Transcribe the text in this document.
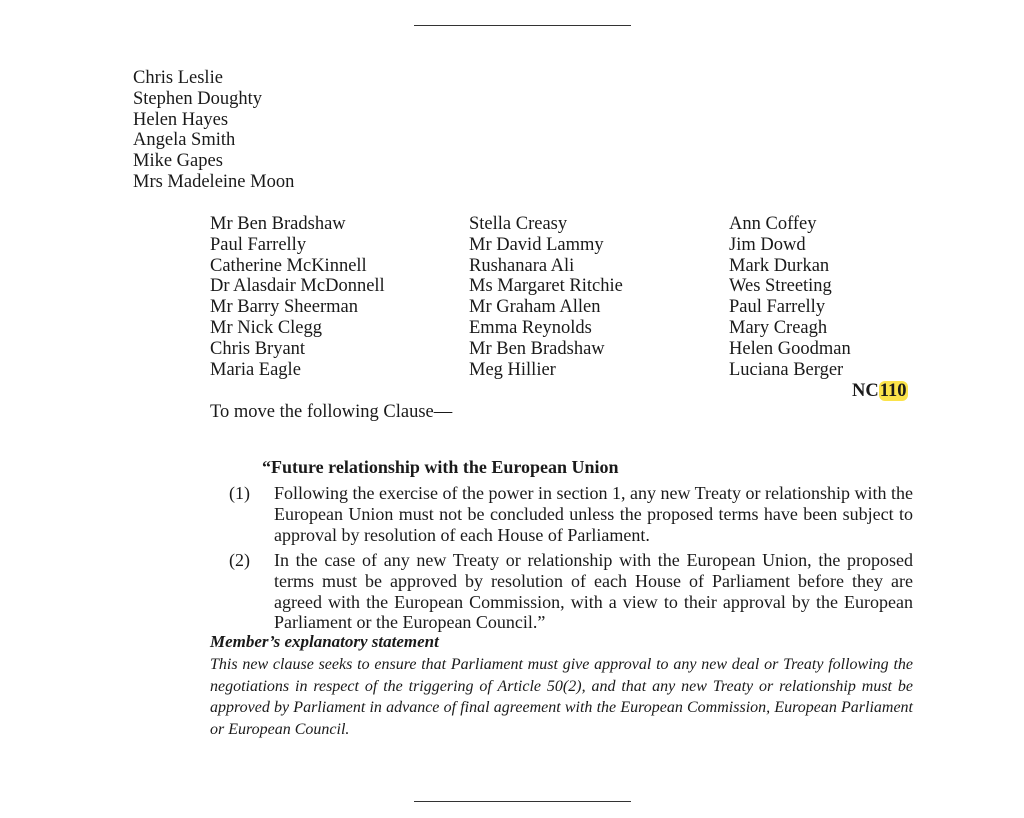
Chris Leslie
Stephen Doughty
Helen Hayes
Angela Smith
Mike Gapes
Mrs Madeleine Moon
Mr Ben Bradshaw
Paul Farrelly
Catherine McKinnell
Dr Alasdair McDonnell
Mr Barry Sheerman
Mr Nick Clegg
Chris Bryant
Maria Eagle
Stella Creasy
Mr David Lammy
Rushanara Ali
Ms Margaret Ritchie
Mr Graham Allen
Emma Reynolds
Mr Ben Bradshaw
Meg Hillier
Ann Coffey
Jim Dowd
Mark Durkan
Wes Streeting
Paul Farrelly
Mary Creagh
Helen Goodman
Luciana Berger
NC110
To move the following Clause—
“Future relationship with the European Union
(1) Following the exercise of the power in section 1, any new Treaty or relationship with the European Union must not be concluded unless the proposed terms have been subject to approval by resolution of each House of Parliament.
(2) In the case of any new Treaty or relationship with the European Union, the proposed terms must be approved by resolution of each House of Parliament before they are agreed with the European Commission, with a view to their approval by the European Parliament or the European Council.”
Member’s explanatory statement
This new clause seeks to ensure that Parliament must give approval to any new deal or Treaty following the negotiations in respect of the triggering of Article 50(2), and that any new Treaty or relationship must be approved by Parliament in advance of final agreement with the European Commission, European Parliament or European Council.
